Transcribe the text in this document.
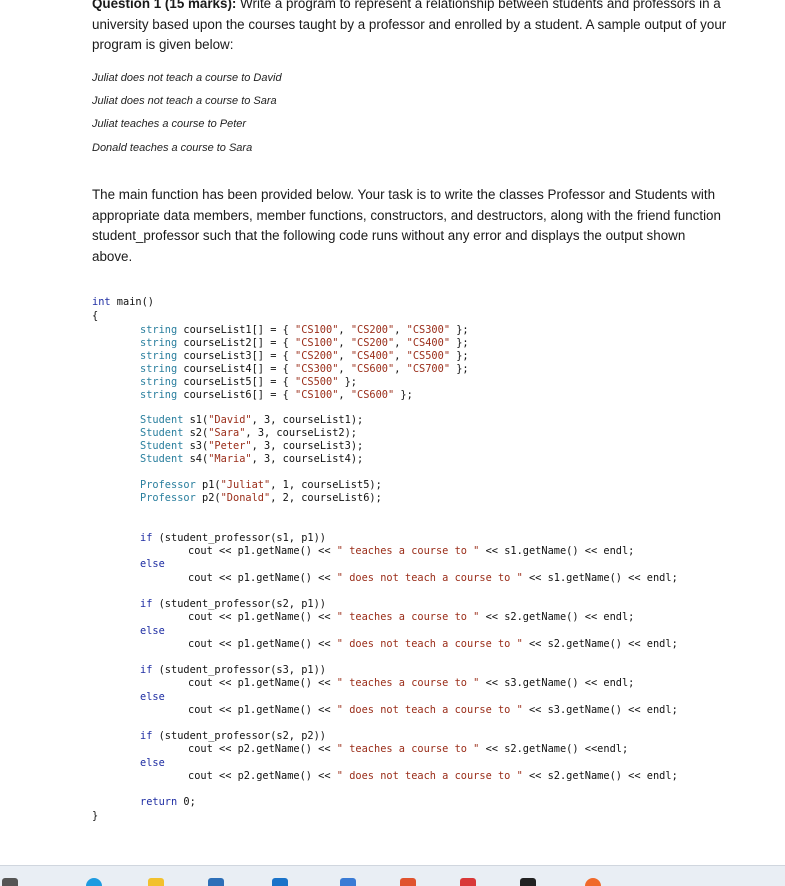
Question 1 (15 marks): Write a program to represent a relationship between students and professors in a university based upon the courses taught by a professor and enrolled by a student. A sample output of your program is given below:
Juliat does not teach a course to David
Juliat does not teach a course to Sara
Juliat teaches a course to Peter
Donald teaches a course to Sara
The main function has been provided below. Your task is to write the classes Professor and Students with appropriate data members, member functions, constructors, and destructors, along with the friend function student_professor such that the following code runs without any error and displays the output shown above.
int main()
{
string courseList1[] = { "CS100", "CS200", "CS300" };
string courseList2[] = { "CS100", "CS200", "CS400" };
string courseList3[] = { "CS200", "CS400", "CS500" };
string courseList4[] = { "CS300", "CS600", "CS700" };
string courseList5[] = { "CS500" };
string courseList6[] = { "CS100", "CS600" };
Student s1("David", 3, courseList1);
Student s2("Sara", 3, courseList2);
Student s3("Peter", 3, courseList3);
Student s4("Maria", 3, courseList4);
Professor p1("Juliat", 1, courseList5);
Professor p2("Donald", 2, courseList6);
if (student_professor(s1, p1))
cout << p1.getName() << " teaches a course to " << s1.getName() << endl;
else
cout << p1.getName() << " does not teach a course to " << s1.getName() << endl;
if (student_professor(s2, p1))
cout << p1.getName() << " teaches a course to " << s2.getName() << endl;
else
cout << p1.getName() << " does not teach a course to " << s2.getName() << endl;
if (student_professor(s3, p1))
cout << p1.getName() << " teaches a course to " << s3.getName() << endl;
else
cout << p1.getName() << " does not teach a course to " << s3.getName() << endl;
if (student_professor(s2, p2))
cout << p2.getName() << " teaches a course to " << s2.getName() <<endl;
else
cout << p2.getName() << " does not teach a course to " << s2.getName() << endl;
return 0;
}
